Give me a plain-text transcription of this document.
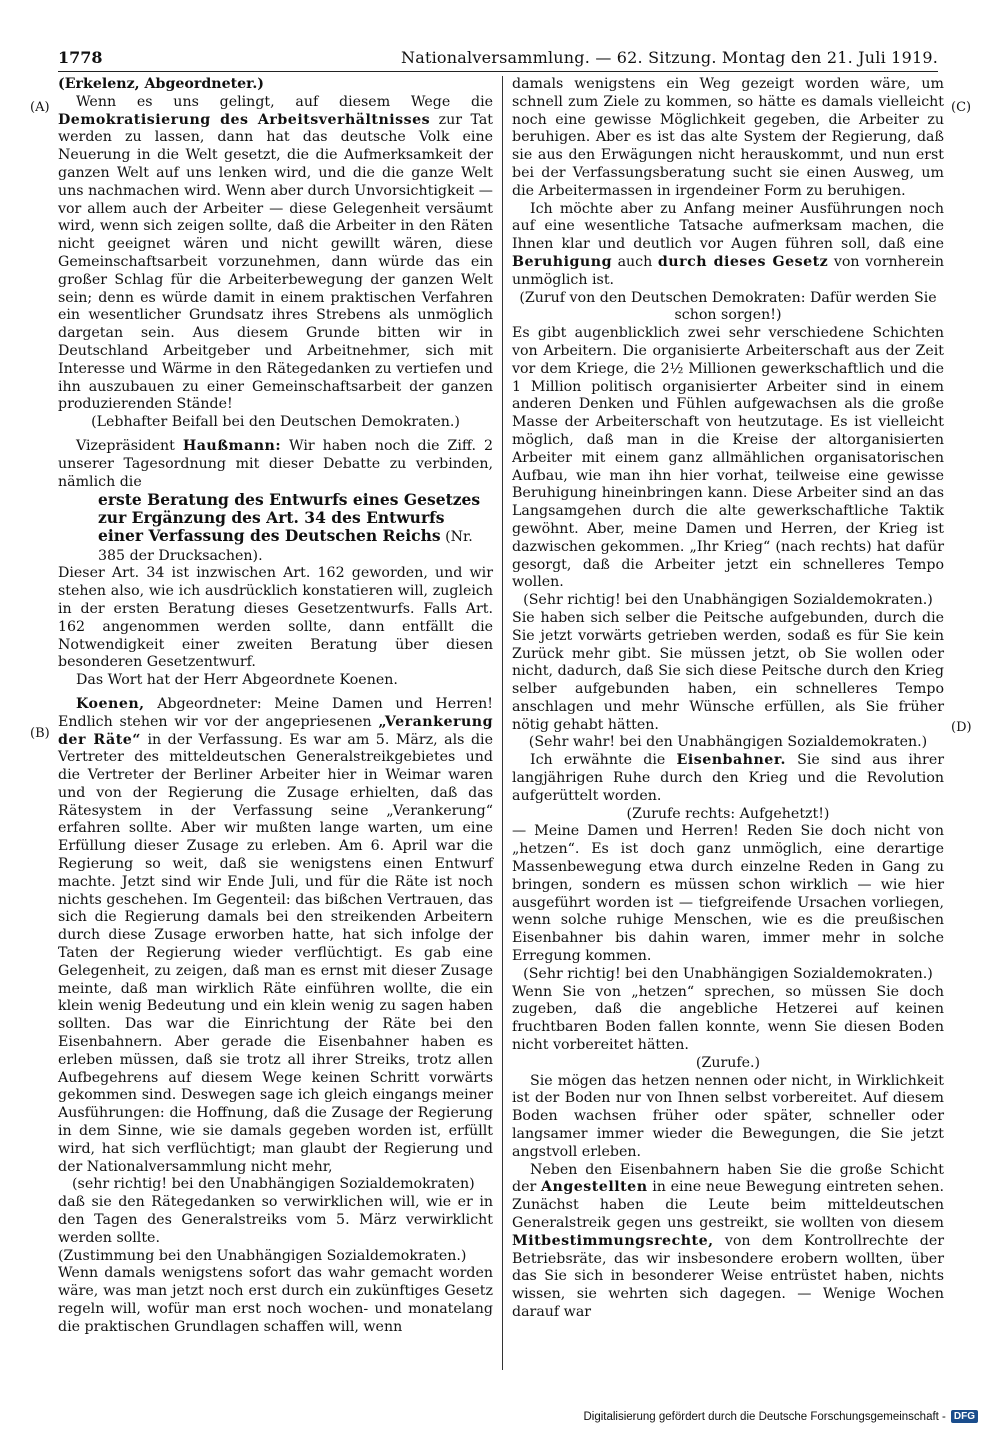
1778	Nationalversammlung. — 62. Sitzung. Montag den 21. Juli 1919.
(A)
(B)
(C)
(D)

(Erkelenz, Abgeordneter.)

Wenn es uns gelingt, auf diesem Wege die Demokratisierung des Arbeitsverhältnisses zur Tat werden zu lassen, dann hat das deutsche Volk eine Neuerung in die Welt gesetzt, die die Aufmerksamkeit der ganzen Welt auf uns lenken wird, und die die ganze Welt uns nachmachen wird. Wenn aber durch Unvorsichtigkeit — vor allem auch der Arbeiter — diese Gelegenheit versäumt wird, wenn sich zeigen sollte, daß die Arbeiter in den Räten nicht geeignet wären und nicht gewillt wären, diese Gemeinschaftsarbeit vorzunehmen, dann würde das ein großer Schlag für die Arbeiterbewegung der ganzen Welt sein; denn es würde damit in einem praktischen Verfahren ein wesentlicher Grundsatz ihres Strebens als unmöglich dargetan sein. Aus diesem Grunde bitten wir in Deutschland Arbeitgeber und Arbeitnehmer, sich mit Interesse und Wärme in den Rätegedanken zu vertiefen und ihn auszubauen zu einer Gemeinschaftsarbeit der ganzen produzierenden Stände!

(Lebhafter Beifall bei den Deutschen Demokraten.)

Vizepräsident Haußmann: Wir haben noch die Ziff. 2 unserer Tagesordnung mit dieser Debatte zu verbinden, nämlich die

erste Beratung des Entwurfs eines Gesetzes zur Ergänzung des Art. 34 des Entwurfs einer Verfassung des Deutschen Reichs (Nr. 385 der Drucksachen).

Dieser Art. 34 ist inzwischen Art. 162 geworden, und wir stehen also, wie ich ausdrücklich konstatieren will, zugleich in der ersten Beratung dieses Gesetzentwurfs. Falls Art. 162 angenommen werden sollte, dann entfällt die Notwendigkeit einer zweiten Beratung über diesen besonderen Gesetzentwurf.

Das Wort hat der Herr Abgeordnete Koenen.

Koenen, Abgeordneter: Meine Damen und Herren! Endlich stehen wir vor der angepriesenen „Verankerung der Räte“ in der Verfassung. Es war am 5. März, als die Vertreter des mitteldeutschen Generalstreikgebietes und die Vertreter der Berliner Arbeiter hier in Weimar waren und von der Regierung die Zusage erhielten, daß das Rätesystem in der Verfassung seine „Verankerung“ erfahren sollte. Aber wir mußten lange warten, um eine Erfüllung dieser Zusage zu erleben. Am 6. April war die Regierung so weit, daß sie wenigstens einen Entwurf machte. Jetzt sind wir Ende Juli, und für die Räte ist noch nichts geschehen. Im Gegenteil: das bißchen Vertrauen, das sich die Regierung damals bei den streikenden Arbeitern durch diese Zusage erworben hatte, hat sich infolge der Taten der Regierung wieder verflüchtigt. Es gab eine Gelegenheit, zu zeigen, daß man es ernst mit dieser Zusage meinte, daß man wirklich Räte einführen wollte, die ein klein wenig Bedeutung und ein klein wenig zu sagen haben sollten. Das war die Einrichtung der Räte bei den Eisenbahnern. Aber gerade die Eisenbahner haben es erleben müssen, daß sie trotz all ihrer Streiks, trotz allen Aufbegehrens auf diesem Wege keinen Schritt vorwärts gekommen sind. Deswegen sage ich gleich eingangs meiner Ausführungen: die Hoffnung, daß die Zusage der Regierung in dem Sinne, wie sie damals gegeben worden ist, erfüllt wird, hat sich verflüchtigt; man glaubt der Regierung und der Nationalversammlung nicht mehr,

(sehr richtig! bei den Unabhängigen Sozialdemokraten)

daß sie den Rätegedanken so verwirklichen will, wie er in den Tagen des Generalstreiks vom 5. März verwirklicht werden sollte.

(Zustimmung bei den Unabhängigen Sozialdemokraten.)

Wenn damals wenigstens sofort das wahr gemacht worden wäre, was man jetzt noch erst durch ein zukünftiges Gesetz regeln will, wofür man erst noch wochen- und monatelang die praktischen Grundlagen schaffen will, wenn

damals wenigstens ein Weg gezeigt worden wäre, um schnell zum Ziele zu kommen, so hätte es damals vielleicht noch eine gewisse Möglichkeit gegeben, die Arbeiter zu beruhigen. Aber es ist das alte System der Regierung, daß sie aus den Erwägungen nicht herauskommt, und nun erst bei der Verfassungsberatung sucht sie einen Ausweg, um die Arbeitermassen in irgendeiner Form zu beruhigen.

Ich möchte aber zu Anfang meiner Ausführungen noch auf eine wesentliche Tatsache aufmerksam machen, die Ihnen klar und deutlich vor Augen führen soll, daß eine Beruhigung auch durch dieses Gesetz von vornherein unmöglich ist.

(Zuruf von den Deutschen Demokraten: Dafür werden Sie schon sorgen!)

Es gibt augenblicklich zwei sehr verschiedene Schichten von Arbeitern. Die organisierte Arbeiterschaft aus der Zeit vor dem Kriege, die 2½ Millionen gewerkschaftlich und die 1 Million politisch organisierter Arbeiter sind in einem anderen Denken und Fühlen aufgewachsen als die große Masse der Arbeiterschaft von heutzutage. Es ist vielleicht möglich, daß man in die Kreise der altorganisierten Arbeiter mit einem ganz allmählichen organisatorischen Aufbau, wie man ihn hier vorhat, teilweise eine gewisse Beruhigung hineinbringen kann. Diese Arbeiter sind an das Langsamgehen durch die alte gewerkschaftliche Taktik gewöhnt. Aber, meine Damen und Herren, der Krieg ist dazwischen gekommen. „Ihr Krieg“ (nach rechts) hat dafür gesorgt, daß die Arbeiter jetzt ein schnelleres Tempo wollen.

(Sehr richtig! bei den Unabhängigen Sozialdemokraten.)

Sie haben sich selber die Peitsche aufgebunden, durch die Sie jetzt vorwärts getrieben werden, sodaß es für Sie kein Zurück mehr gibt. Sie müssen jetzt, ob Sie wollen oder nicht, dadurch, daß Sie sich diese Peitsche durch den Krieg selber aufgebunden haben, ein schnelleres Tempo anschlagen und mehr Wünsche erfüllen, als Sie früher nötig gehabt hätten.

(Sehr wahr! bei den Unabhängigen Sozialdemokraten.)

Ich erwähnte die Eisenbahner. Sie sind aus ihrer langjährigen Ruhe durch den Krieg und die Revolution aufgerüttelt worden.

(Zurufe rechts: Aufgehetzt!)

— Meine Damen und Herren! Reden Sie doch nicht von „hetzen“. Es ist doch ganz unmöglich, eine derartige Massenbewegung etwa durch einzelne Reden in Gang zu bringen, sondern es müssen schon wirklich — wie hier ausgeführt worden ist — tiefgreifende Ursachen vorliegen, wenn solche ruhige Menschen, wie es die preußischen Eisenbahner bis dahin waren, immer mehr in solche Erregung kommen.

(Sehr richtig! bei den Unabhängigen Sozialdemokraten.)

Wenn Sie von „hetzen“ sprechen, so müssen Sie doch zugeben, daß die angebliche Hetzerei auf keinen fruchtbaren Boden fallen konnte, wenn Sie diesen Boden nicht vorbereitet hätten.

(Zurufe.)

Sie mögen das hetzen nennen oder nicht, in Wirklichkeit ist der Boden nur von Ihnen selbst vorbereitet. Auf diesem Boden wachsen früher oder später, schneller oder langsamer immer wieder die Bewegungen, die Sie jetzt angstvoll erleben.

Neben den Eisenbahnern haben Sie die große Schicht der Angestellten in eine neue Bewegung eintreten sehen. Zunächst haben die Leute beim mitteldeutschen Generalstreik gegen uns gestreikt, sie wollten von diesem Mitbestimmungsrechte, von dem Kontrollrechte der Betriebsräte, das wir insbesondere erobern wollten, über das Sie sich in besonderer Weise entrüstet haben, nichts wissen, sie wehrten sich dagegen. — Wenige Wochen darauf war

Digitalisierung gefördert durch die Deutsche Forschungsgemeinschaft - DFG
